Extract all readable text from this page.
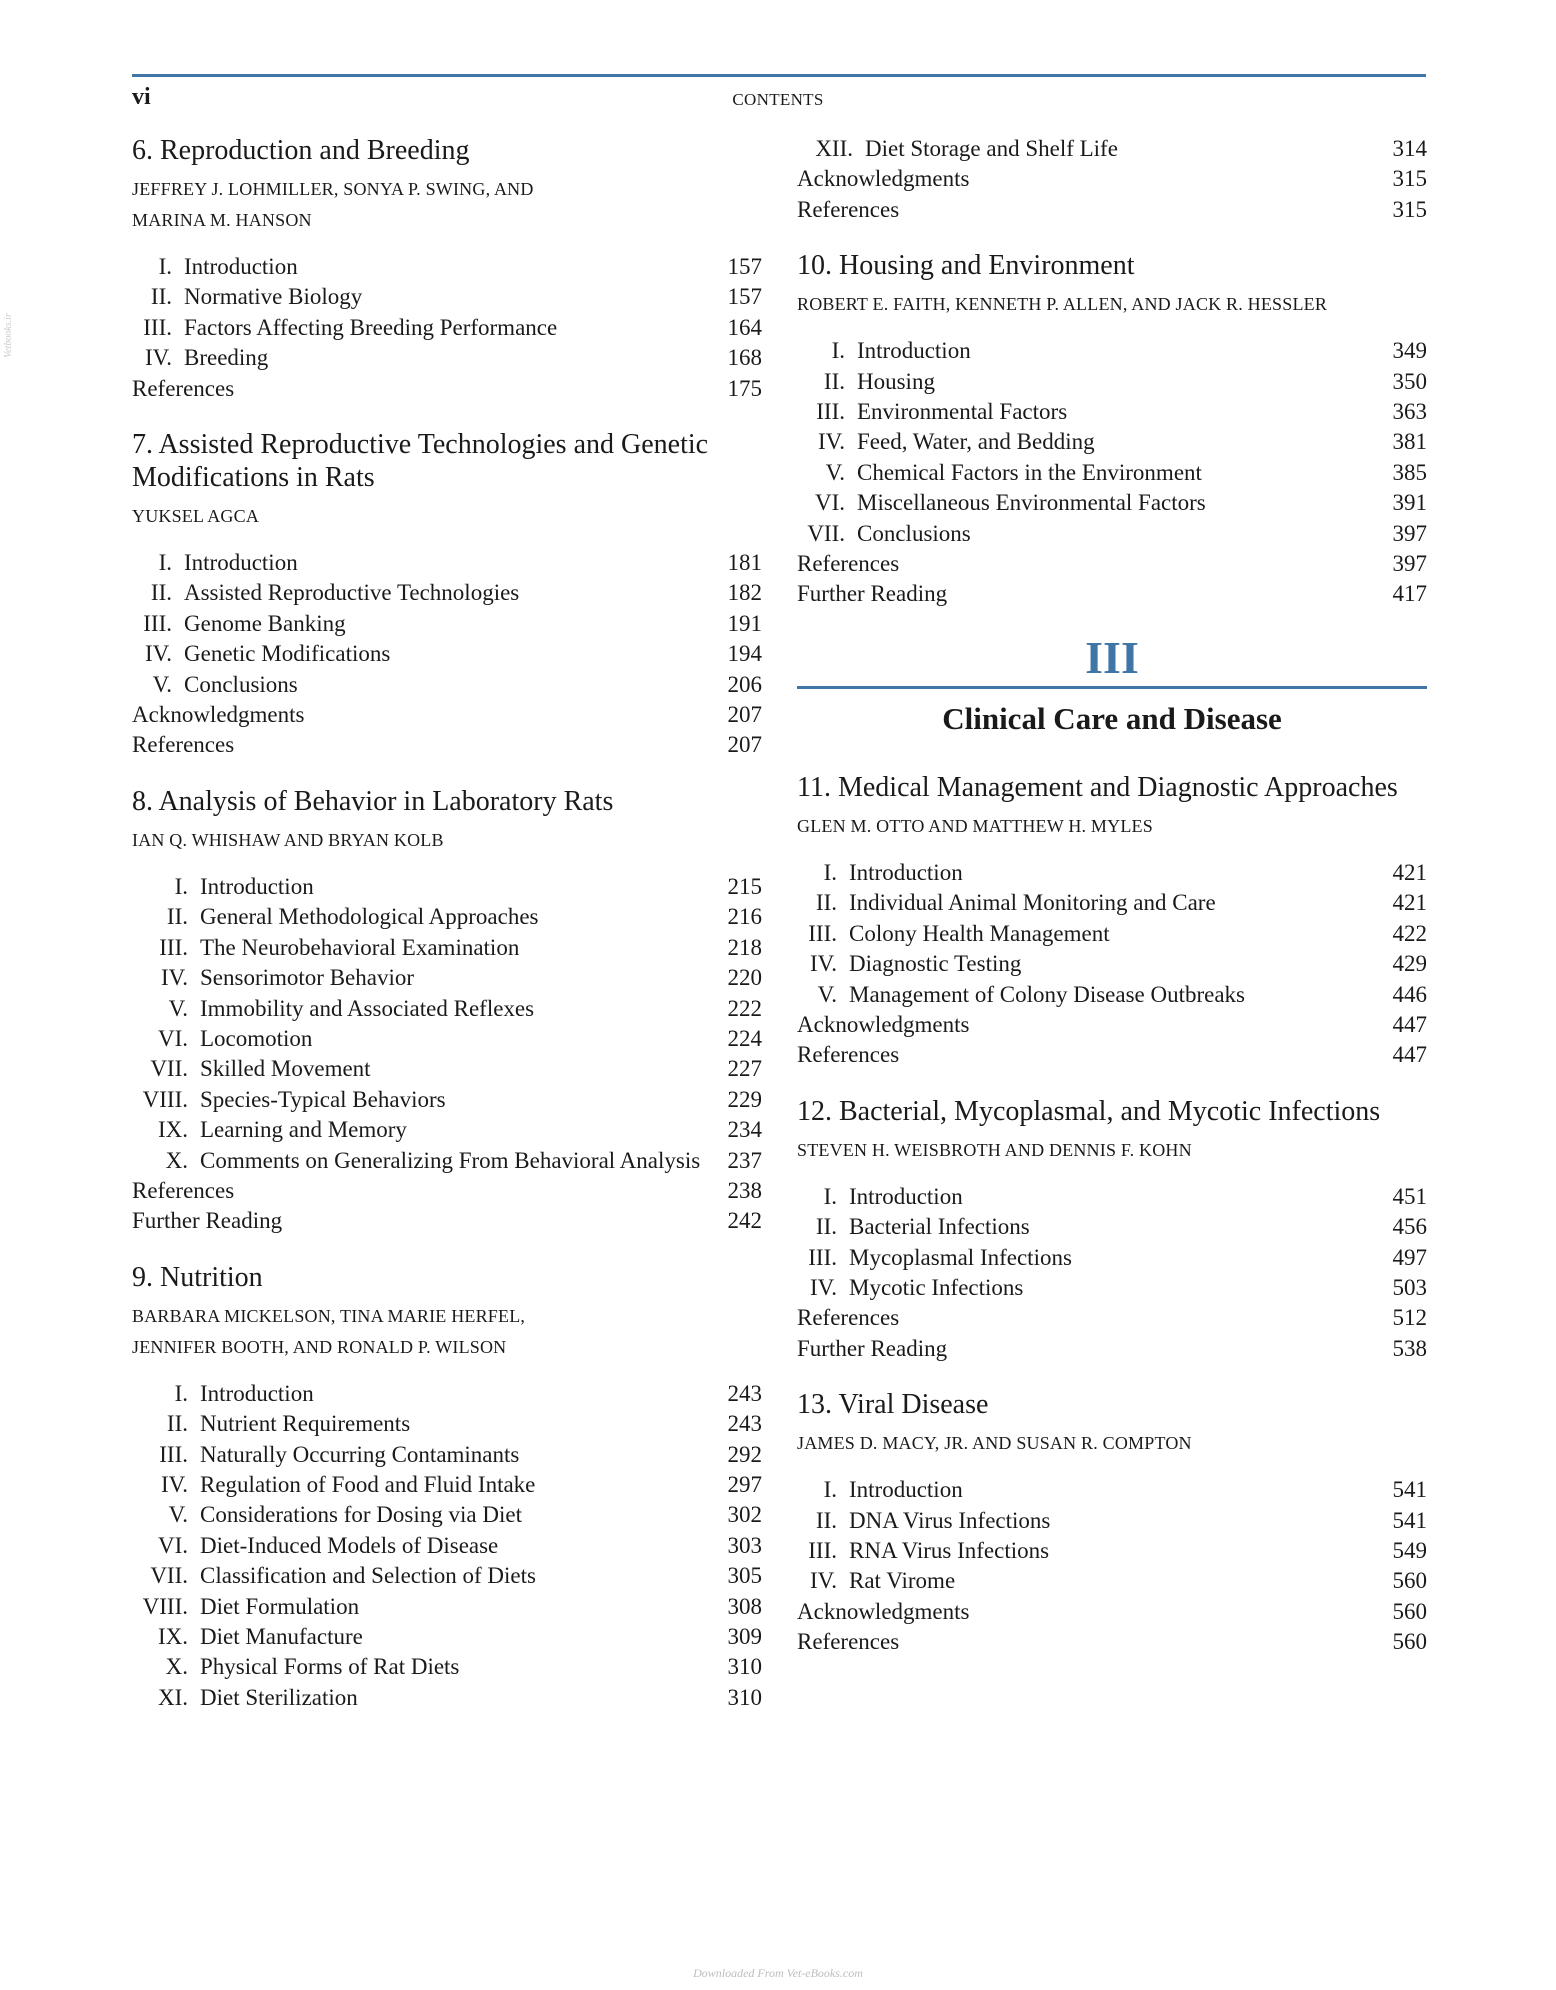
vi	CONTENTS
Vetbooks.ir
6. Reproduction and Breeding
JEFFREY J. LOHMILLER, SONYA P. SWING, AND
MARINA M. HANSON
I. Introduction	157
II. Normative Biology	157
III. Factors Affecting Breeding Performance	164
IV. Breeding	168
References	175
7. Assisted Reproductive Technologies and Genetic Modifications in Rats
YUKSEL AGCA
I. Introduction	181
II. Assisted Reproductive Technologies	182
III. Genome Banking	191
IV. Genetic Modifications	194
V. Conclusions	206
Acknowledgments	207
References	207
8. Analysis of Behavior in Laboratory Rats
IAN Q. WHISHAW AND BRYAN KOLB
I. Introduction	215
II. General Methodological Approaches	216
III. The Neurobehavioral Examination	218
IV. Sensorimotor Behavior	220
V. Immobility and Associated Reflexes	222
VI. Locomotion	224
VII. Skilled Movement	227
VIII. Species-Typical Behaviors	229
IX. Learning and Memory	234
X. Comments on Generalizing From Behavioral Analysis	237
References	238
Further Reading	242
9. Nutrition
BARBARA MICKELSON, TINA MARIE HERFEL,
JENNIFER BOOTH, AND RONALD P. WILSON
I. Introduction	243
II. Nutrient Requirements	243
III. Naturally Occurring Contaminants	292
IV. Regulation of Food and Fluid Intake	297
V. Considerations for Dosing via Diet	302
VI. Diet-Induced Models of Disease	303
VII. Classification and Selection of Diets	305
VIII. Diet Formulation	308
IX. Diet Manufacture	309
X. Physical Forms of Rat Diets	310
XI. Diet Sterilization	310
XII. Diet Storage and Shelf Life	314
Acknowledgments	315
References	315
10. Housing and Environment
ROBERT E. FAITH, KENNETH P. ALLEN, AND JACK R. HESSLER
I. Introduction	349
II. Housing	350
III. Environmental Factors	363
IV. Feed, Water, and Bedding	381
V. Chemical Factors in the Environment	385
VI. Miscellaneous Environmental Factors	391
VII. Conclusions	397
References	397
Further Reading	417
III
Clinical Care and Disease
11. Medical Management and Diagnostic Approaches
GLEN M. OTTO AND MATTHEW H. MYLES
I. Introduction	421
II. Individual Animal Monitoring and Care	421
III. Colony Health Management	422
IV. Diagnostic Testing	429
V. Management of Colony Disease Outbreaks	446
Acknowledgments	447
References	447
12. Bacterial, Mycoplasmal, and Mycotic Infections
STEVEN H. WEISBROTH AND DENNIS F. KOHN
I. Introduction	451
II. Bacterial Infections	456
III. Mycoplasmal Infections	497
IV. Mycotic Infections	503
References	512
Further Reading	538
13. Viral Disease
JAMES D. MACY, JR. AND SUSAN R. COMPTON
I. Introduction	541
II. DNA Virus Infections	541
III. RNA Virus Infections	549
IV. Rat Virome	560
Acknowledgments	560
References	560
Downloaded From Vet-eBooks.com
